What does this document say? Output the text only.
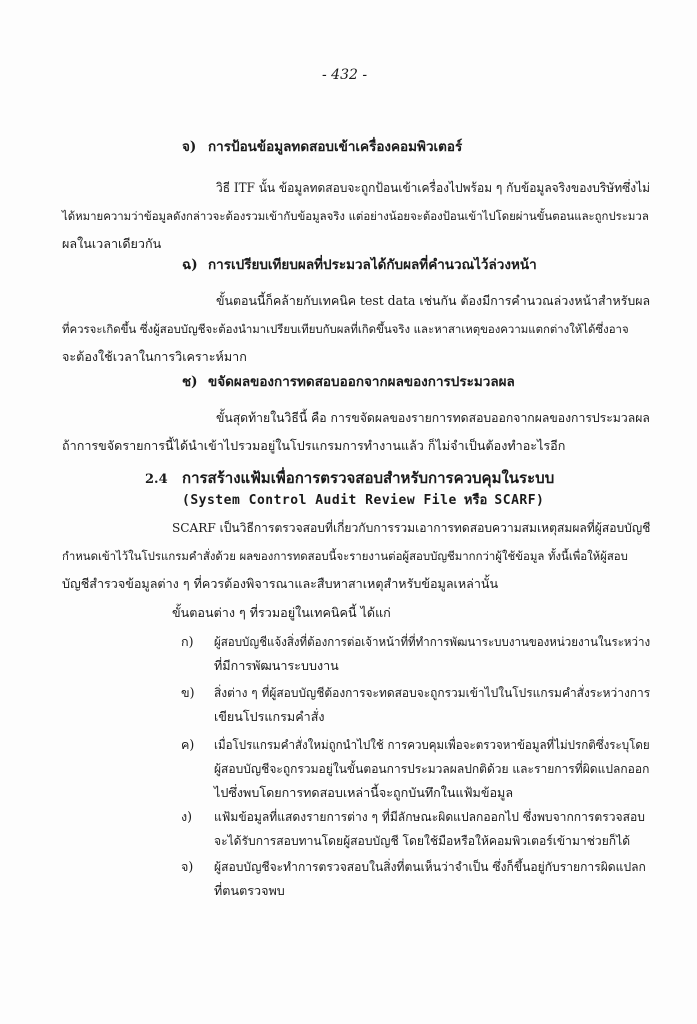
- 432 -
จ) การป้อนข้อมูลทดสอบเข้าเครื่องคอมพิวเตอร์
วิธี ITF นั้น ข้อมูลทดสอบจะถูกป้อนเข้าเครื่องไปพร้อม ๆ กับข้อมูลจริงของบริษัทซึ่งไม่
ได้หมายความว่าข้อมูลดังกล่าวจะต้องรวมเข้ากับข้อมูลจริง แต่อย่างน้อยจะต้องป้อนเข้าไปโดยผ่านขั้นตอนและถูกประมวล
ผลในเวลาเดียวกัน
ฉ) การเปรียบเทียบผลที่ประมวลได้กับผลที่คำนวณไว้ล่วงหน้า
ขั้นตอนนี้ก็คล้ายกับเทคนิค test data เช่นกัน ต้องมีการคำนวณล่วงหน้าสำหรับผล
ที่ควรจะเกิดขึ้น ซึ่งผู้สอบบัญชีจะต้องนำมาเปรียบเทียบกับผลที่เกิดขึ้นจริง และหาสาเหตุของความแตกต่างให้ได้ซึ่งอาจ
จะต้องใช้เวลาในการวิเคราะห์มาก
ช) ขจัดผลของการทดสอบออกจากผลของการประมวลผล
ขั้นสุดท้ายในวิธีนี้ คือ การขจัดผลของรายการทดสอบออกจากผลของการประมวลผล
ถ้าการขจัดรายการนี้ได้นำเข้าไปรวมอยู่ในโปรแกรมการทำงานแล้ว ก็ไม่จำเป็นต้องทำอะไรอีก
2.4 การสร้างแฟ้มเพื่อการตรวจสอบสำหรับการควบคุมในระบบ
(System Control Audit Review File หรือ SCARF)
SCARF เป็นวิธีการตรวจสอบที่เกี่ยวกับการรวมเอาการทดสอบความสมเหตุสมผลที่ผู้สอบบัญชี
กำหนดเข้าไว้ในโปรแกรมคำสั่งด้วย ผลของการทดสอบนี้จะรายงานต่อผู้สอบบัญชีมากกว่าผู้ใช้ข้อมูล ทั้งนี้เพื่อให้ผู้สอบ
บัญชีสำรวจข้อมูลต่าง ๆ ที่ควรต้องพิจารณาและสืบหาสาเหตุสำหรับข้อมูลเหล่านั้น
ขั้นตอนต่าง ๆ ที่รวมอยู่ในเทคนิคนี้ ได้แก่
ก) ผู้สอบบัญชีแจ้งสิ่งที่ต้องการต่อเจ้าหน้าที่ที่ทำการพัฒนาระบบงานของหน่วยงานในระหว่าง
ที่มีการพัฒนาระบบงาน
ข) สิ่งต่าง ๆ ที่ผู้สอบบัญชีต้องการจะทดสอบจะถูกรวมเข้าไปในโปรแกรมคำสั่งระหว่างการ
เขียนโปรแกรมคำสั่ง
ค) เมื่อโปรแกรมคำสั่งใหม่ถูกนำไปใช้ การควบคุมเพื่อจะตรวจหาข้อมูลที่ไม่ปรกติซึ่งระบุโดย
ผู้สอบบัญชีจะถูกรวมอยู่ในขั้นตอนการประมวลผลปกติด้วย และรายการที่ผิดแปลกออก
ไปซึ่งพบโดยการทดสอบเหล่านี้จะถูกบันทึกในแฟ้มข้อมูล
ง) แฟ้มข้อมูลที่แสดงรายการต่าง ๆ ที่มีลักษณะผิดแปลกออกไป ซึ่งพบจากการตรวจสอบ
จะได้รับการสอบทานโดยผู้สอบบัญชี โดยใช้มือหรือให้คอมพิวเตอร์เข้ามาช่วยก็ได้
จ) ผู้สอบบัญชีจะทำการตรวจสอบในสิ่งที่ตนเห็นว่าจำเป็น ซึ่งก็ขึ้นอยู่กับรายการผิดแปลก
ที่ตนตรวจพบ
